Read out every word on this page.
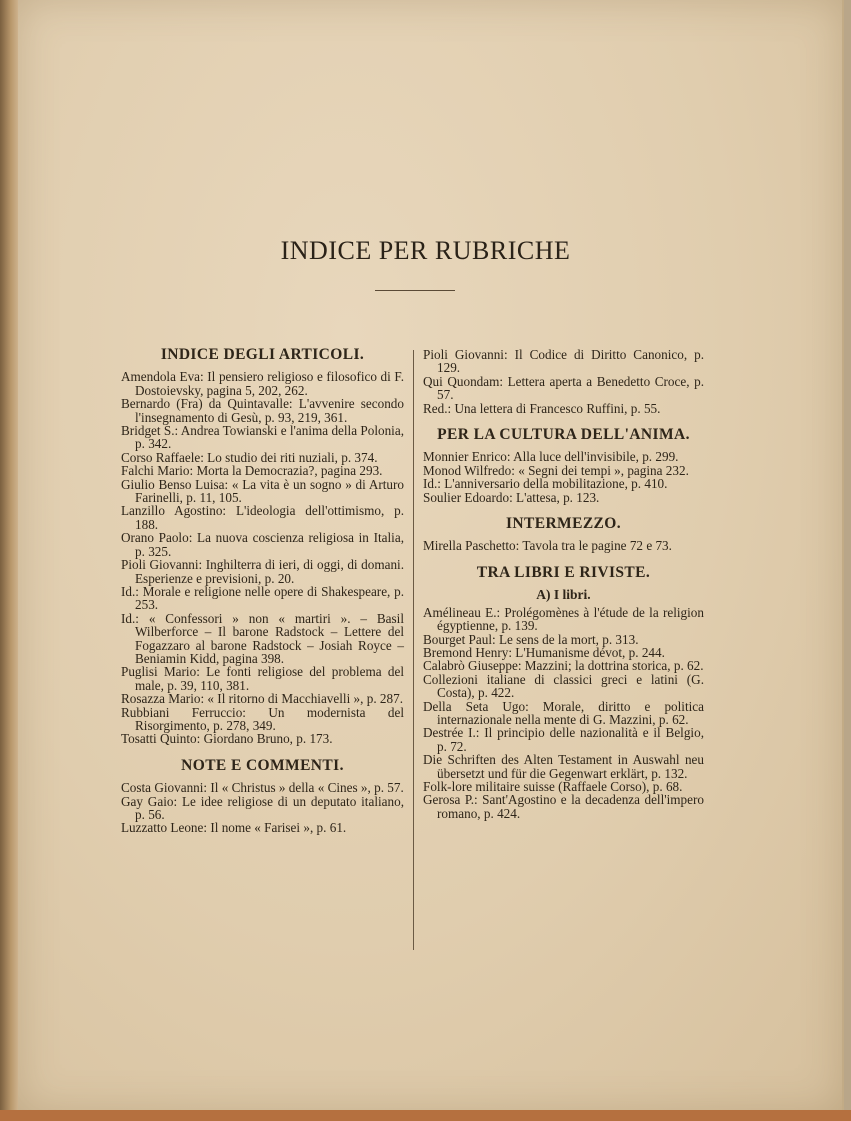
INDICE PER RUBRICHE
INDICE DEGLI ARTICOLI.

Amendola Eva: Il pensiero religioso e filosofico di F. Dostoievsky, pagina 5, 202, 262.

Bernardo (Fra) da Quintavalle: L'avvenire secondo l'insegnamento di Gesù, p. 93, 219, 361.

Bridget S.: Andrea Towianski e l'anima della Polonia, p. 342.

Corso Raffaele: Lo studio dei riti nuziali, p. 374.

Falchi Mario: Morta la Democrazia?, pagina 293.

Giulio Benso Luisa: « La vita è un sogno » di Arturo Farinelli, p. 11, 105.

Lanzillo Agostino: L'ideologia dell'ottimismo, p. 188.

Orano Paolo: La nuova coscienza religiosa in Italia, p. 325.

Pioli Giovanni: Inghilterra di ieri, di oggi, di domani. Esperienze e previsioni, p. 20.

Id.: Morale e religione nelle opere di Shakespeare, p. 253.

Id.: « Confessori » non « martiri ». – Basil Wilberforce – Il barone Radstock – Lettere del Fogazzaro al barone Radstock – Josiah Royce – Beniamin Kidd, pagina 398.

Puglisi Mario: Le fonti religiose del problema del male, p. 39, 110, 381.

Rosazza Mario: « Il ritorno di Macchiavelli », p. 287.

Rubbiani Ferruccio: Un modernista del Risorgimento, p. 278, 349.

Tosatti Quinto: Giordano Bruno, p. 173.

NOTE E COMMENTI.

Costa Giovanni: Il « Christus » della « Cines », p. 57.

Gay Gaio: Le idee religiose di un deputato italiano, p. 56.

Luzzatto Leone: Il nome « Farisei », p. 61.

Pioli Giovanni: Il Codice di Diritto Canonico, p. 129.

Qui Quondam: Lettera aperta a Benedetto Croce, p. 57.

Red.: Una lettera di Francesco Ruffini, p. 55.

PER LA CULTURA DELL'ANIMA.

Monnier Enrico: Alla luce dell'invisibile, p. 299.

Monod Wilfredo: « Segni dei tempi », pagina 232.

Id.: L'anniversario della mobilitazione, p. 410.

Soulier Edoardo: L'attesa, p. 123.

INTERMEZZO.

Mirella Paschetto: Tavola tra le pagine 72 e 73.

TRA LIBRI E RIVISTE.
A) I libri.

Amélineau E.: Prolégomènes à l'étude de la religion égyptienne, p. 139.

Bourget Paul: Le sens de la mort, p. 313.

Bremond Henry: L'Humanisme dévot, p. 244.

Calabrò Giuseppe: Mazzini; la dottrina storica, p. 62.

Collezioni italiane di classici greci e latini (G. Costa), p. 422.

Della Seta Ugo: Morale, diritto e politica internazionale nella mente di G. Mazzini, p. 62.

Destrée I.: Il principio delle nazionalità e il Belgio, p. 72.

Die Schriften des Alten Testament in Auswahl neu übersetzt und für die Gegenwart erklärt, p. 132.

Folk-lore militaire suisse (Raffaele Corso), p. 68.

Gerosa P.: Sant'Agostino e la decadenza dell'impero romano, p. 424.
